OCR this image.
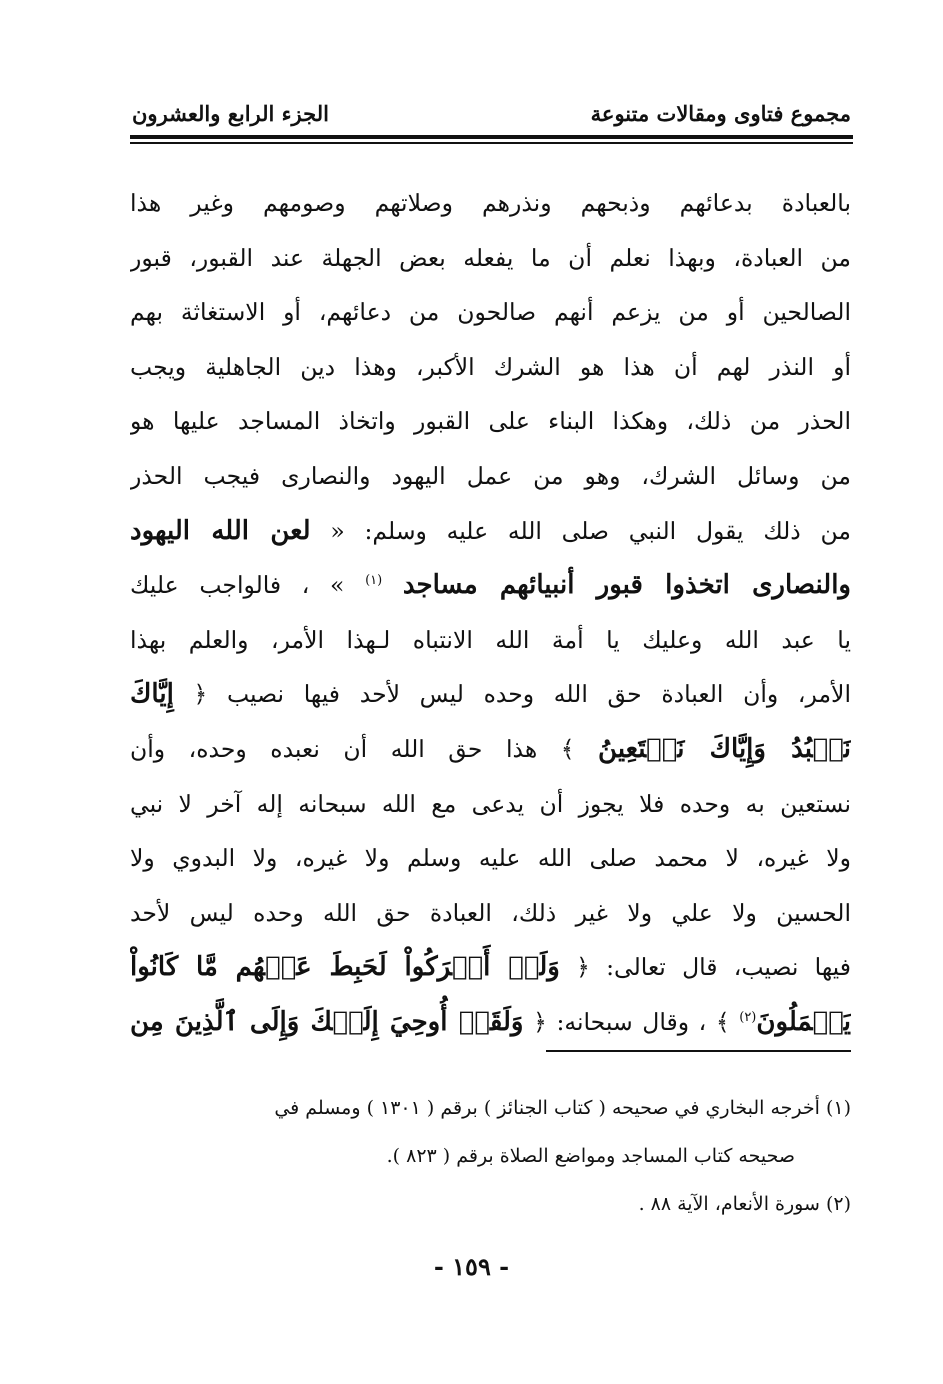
مجموع فتاوى ومقالات متنوعة
الجزء الرابع والعشرون
بالعبادة بدعائهم وذبحهم ونذرهم وصلاتهم وصومهم وغير هذا
من العبادة، وبهذا نعلم أن ما يفعله بعض الجهلة عند القبور، قبور
الصالحين أو من يزعم أنهم صالحون من دعائهم، أو الاستغاثة بهم
أو النذر لهم أن هذا هو الشرك الأكبر، وهذا دين الجاهلية ويجب
الحذر من ذلك، وهكذا البناء على القبور واتخاذ المساجد عليها هو
من وسائل الشرك، وهو من عمل اليهود والنصارى فيجب الحذر
من ذلك يقول النبي صلى الله عليه وسلم: « لعن الله اليهود
والنصارى اتخذوا قبور أنبيائهم مساجد $^{(١)}$ » ، فالواجب عليك
يا عبد الله وعليك يا أمة الله الانتباه لـهذا الأمر، والعلم بهذا
الأمر، وأن العبادة حق الله وحده ليس لأحد فيها نصيب ﴿ إِيَّاكَ
نَعۡبُدُ وَإِيَّاكَ نَسۡتَعِينُ ﴾ هذا حق الله أن نعبده وحده، وأن
نستعين به وحده فلا يجوز أن يدعى مع الله سبحانه إله آخر لا نبي
ولا غيره، لا محمد صلى الله عليه وسلم ولا غيره، ولا البدوي ولا
الحسين ولا علي ولا غير ذلك، العبادة حق الله وحده ليس لأحد
فيها نصيب، قال تعالى: ﴿ وَلَوۡ أَشۡرَكُواْ لَحَبِطَ عَنۡهُم مَّا كَانُواْ
يَعۡمَلُونَ$^{(٢)}$ ﴾ ، وقال سبحانه: ﴿ وَلَقَدۡ أُوحِيَ إِلَيۡكَ وَإِلَى ٱلَّذِينَ مِن
(١) أخرجه البخاري في صحيحه ( كتاب الجنائز ) برقم ( ١٣٠١ ) ومسلم في
صحيحه كتاب المساجد ومواضع الصلاة برقم ( ٨٢٣ ).
(٢) سورة الأنعام، الآية ٨٨ .
- ١٥٩ -
